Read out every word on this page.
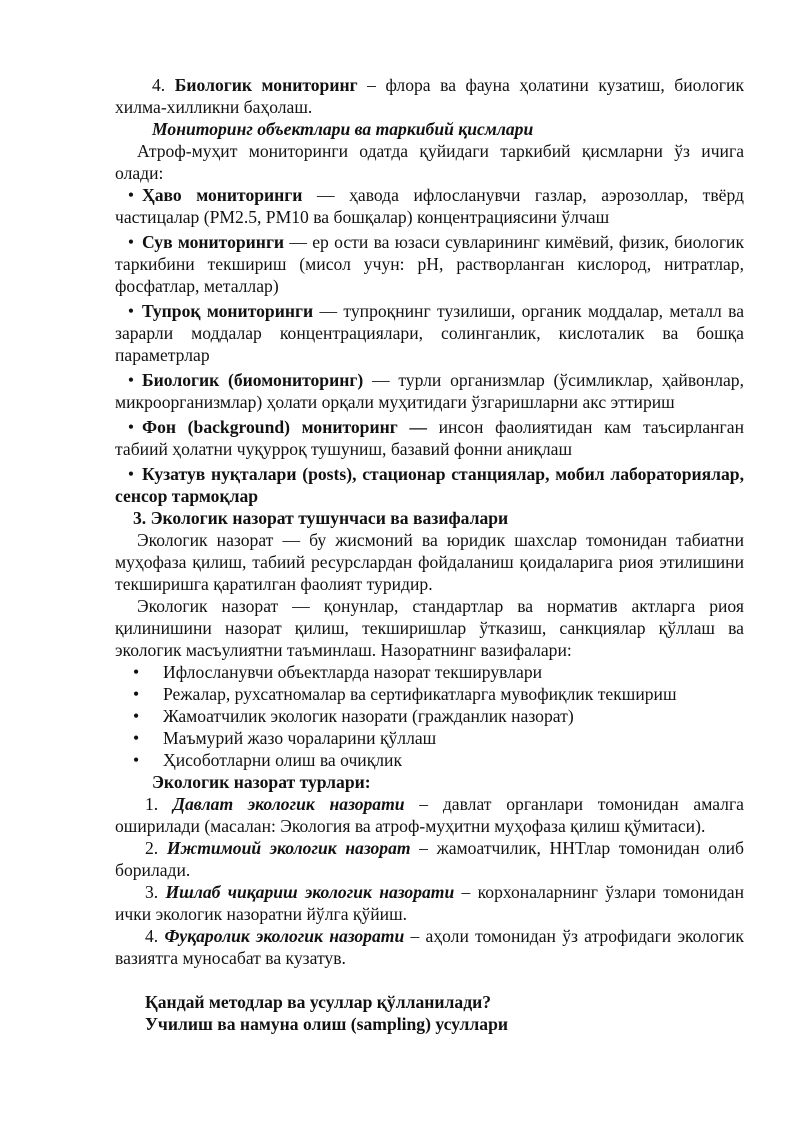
4. Биологик мониторинг – флора ва фауна ҳолатини кузатиш, биологик хилма-хилликни баҳолаш.

Мониторинг объектлари ва таркибий қисмлари

Атроф-муҳит мониторинги одатда қуйидаги таркибий қисмларни ўз ичига олади:

• Ҳаво мониторинги — ҳавода ифлосланувчи газлар, аэрозоллар, твёрд частицалар (PM2.5, PM10 ва бошқалар) концентрациясини ўлчаш
• Сув мониторинги — ер ости ва юзаси сувларининг кимёвий, физик, биологик таркибини текшириш (мисол учун: pH, растворланган кислород, нитратлар, фосфатлар, металлар)
• Тупроқ мониторинги — тупроқнинг тузилиши, органик моддалар, металл ва зарарли моддалар концентрациялари, солинганлик, кислоталик ва бошқа параметрлар
• Биологик (биомониторинг) — турли организмлар (ўсимликлар, ҳайвонлар, микроорганизмлар) ҳолати орқали муҳитидаги ўзгаришларни акс эттириш
• Фон (background) мониторинг — инсон фаолиятидан кам таъсирланган табиий ҳолатни чуқурроқ тушуниш, базавий фонни аниқлаш
• Кузатув нуқталари (posts), стационар станциялар, мобил лабораториялар, сенсор тармоқлар

3. Экологик назорат тушунчаси ва вазифалари

Экологик назорат — бу жисмоний ва юридик шахслар томонидан табиатни муҳофаза қилиш, табиий ресурслардан фойдаланиш қоидаларига риоя этилишини текширишга қаратилган фаолият туридир.

Экологик назорат — қонунлар, стандартлар ва норматив актларга риоя қилинишини назорат қилиш, текширишлар ўтказиш, санкциялар қўллаш ва экологик масъулиятни таъминлаш. Назоратнинг вазифалари:

• Ифлосланувчи объектларда назорат текширувлари
• Режалар, рухсатномалар ва сертификатларга мувофиқлик текшириш
• Жамоатчилик экологик назорати (гражданлик назорат)
• Маъмурий жазо чораларини қўллаш
• Ҳисоботларни олиш ва очиқлик

Экологик назорат турлари:

1. Давлат экологик назорати – давлат органлари томонидан амалга оширилади (масалан: Экология ва атроф-муҳитни муҳофаза қилиш қўмитаси).

2. Ижтимоий экологик назорат – жамоатчилик, ННТлар томонидан олиб борилади.

3. Ишлаб чиқариш экологик назорати – корхоналарнинг ўзлари томонидан ички экологик назоратни йўлга қўйиш.

4. Фуқаролик экологик назорати – аҳоли томонидан ўз атрофидаги экологик вазиятга муносабат ва кузатув.

Қандай методлар ва усуллар қўлланилади?

Училиш ва намуна олиш (sampling) усуллари
